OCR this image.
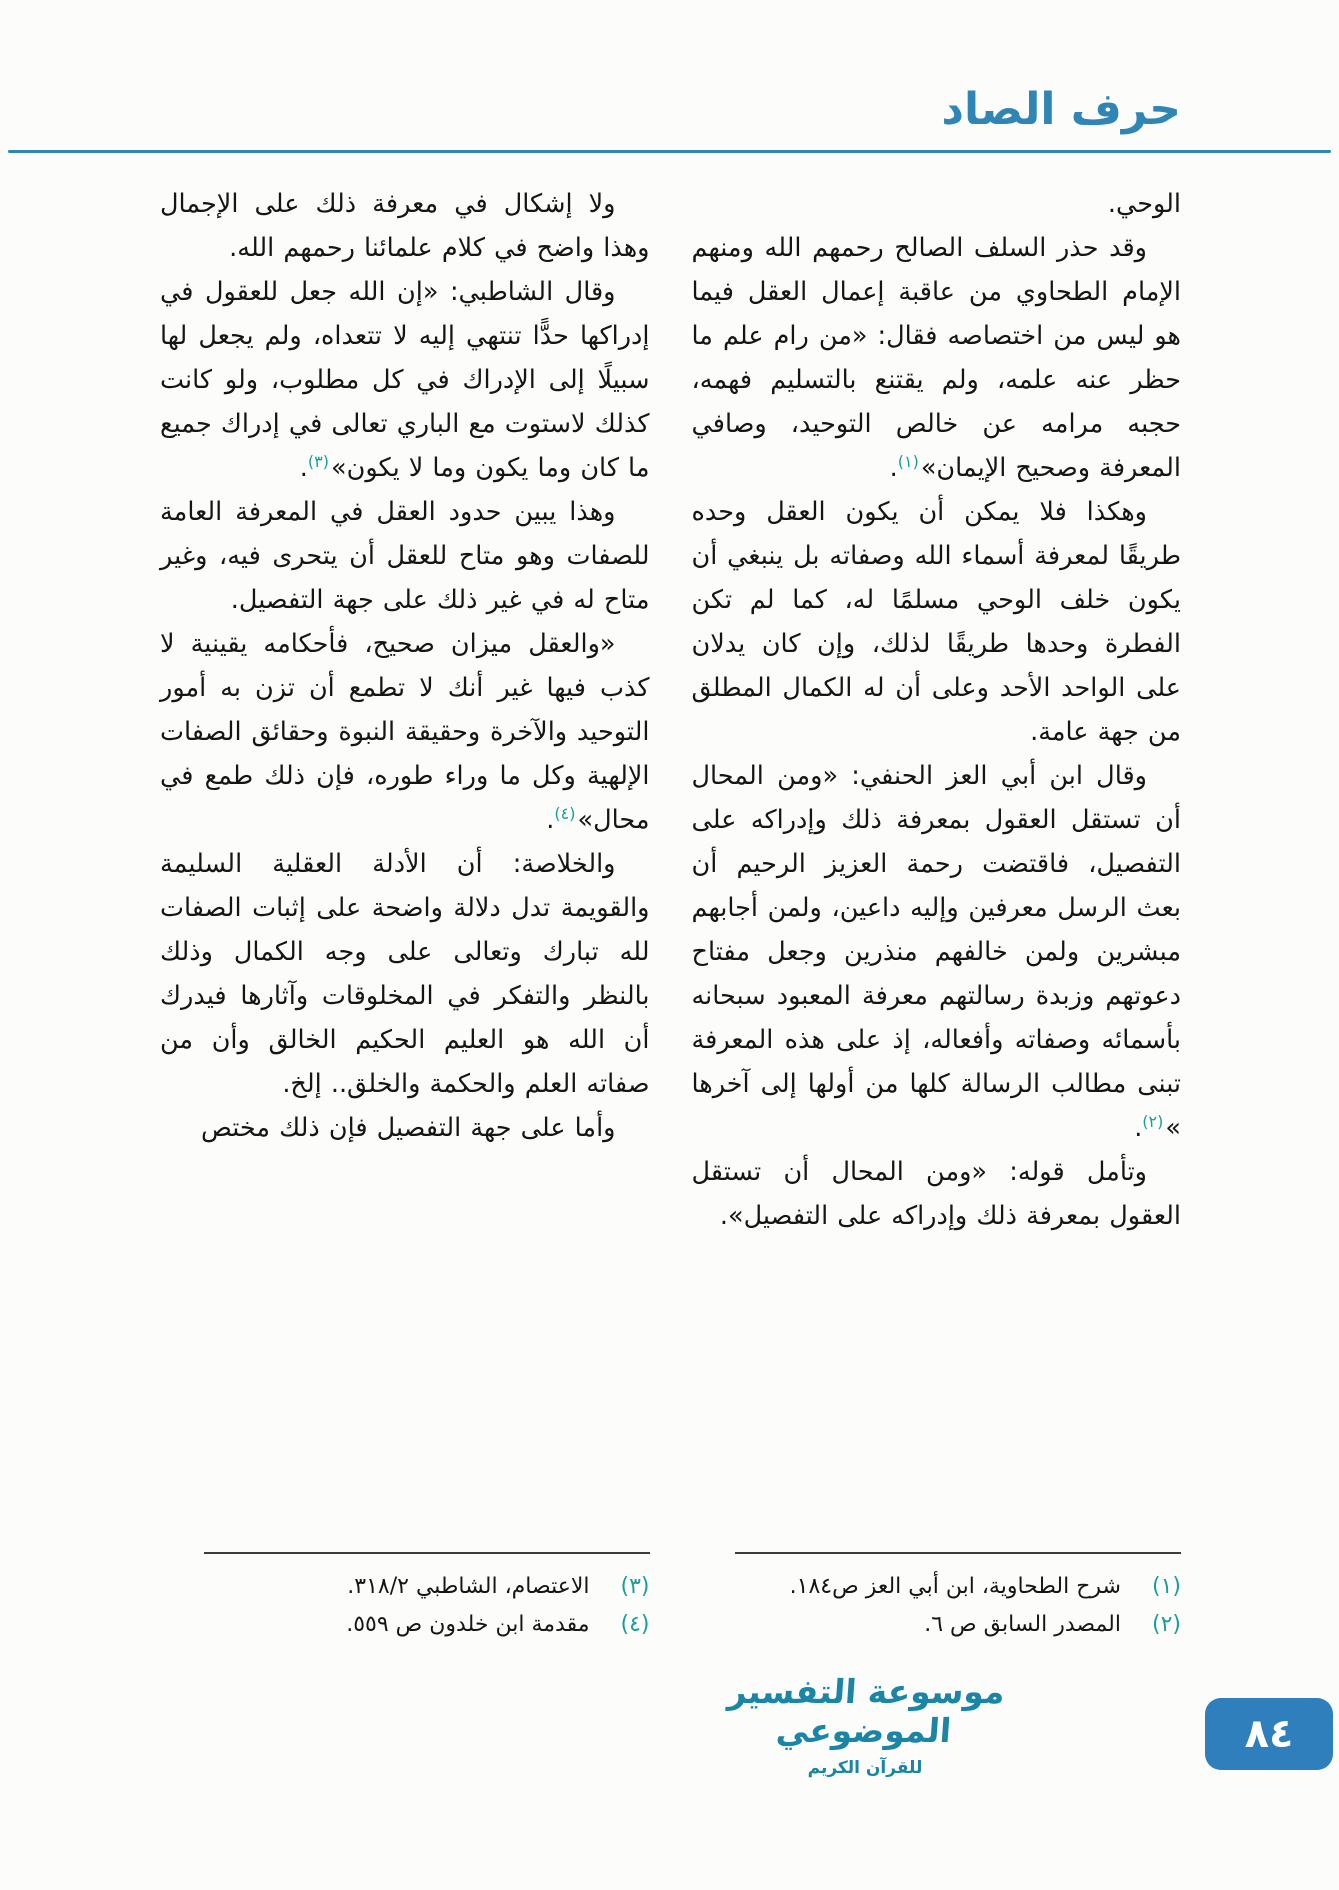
حرف الصاد

الوحي.

وقد حذر السلف الصالح رحمهم الله ومنهم الإمام الطحاوي من عاقبة إعمال العقل فيما هو ليس من اختصاصه فقال: «من رام علم ما حظر عنه علمه، ولم يقتنع بالتسليم فهمه، حجبه مرامه عن خالص التوحيد، وصافي المعرفة وصحيح الإيمان»$^{(١)}$.

وهكذا فلا يمكن أن يكون العقل وحده طريقًا لمعرفة أسماء الله وصفاته بل ينبغي أن يكون خلف الوحي مسلمًا له، كما لم تكن الفطرة وحدها طريقًا لذلك، وإن كان يدلان على الواحد الأحد وعلى أن له الكمال المطلق من جهة عامة.

وقال ابن أبي العز الحنفي: «ومن المحال أن تستقل العقول بمعرفة ذلك وإدراكه على التفصيل، فاقتضت رحمة العزيز الرحيم أن بعث الرسل معرفين وإليه داعين، ولمن أجابهم مبشرين ولمن خالفهم منذرين وجعل مفتاح دعوتهم وزبدة رسالتهم معرفة المعبود سبحانه بأسمائه وصفاته وأفعاله، إذ على هذه المعرفة تبنى مطالب الرسالة كلها من أولها إلى آخرها »$^{(٢)}$.

وتأمل قوله: «ومن المحال أن تستقل العقول بمعرفة ذلك وإدراكه على التفصيل».

ولا إشكال في معرفة ذلك على الإجمال وهذا واضح في كلام علمائنا رحمهم الله.

وقال الشاطبي: «إن الله جعل للعقول في إدراكها حدًّا تنتهي إليه لا تتعداه، ولم يجعل لها سبيلًا إلى الإدراك في كل مطلوب، ولو كانت كذلك لاستوت مع الباري تعالى في إدراك جميع ما كان وما يكون وما لا يكون»$^{(٣)}$.

وهذا يبين حدود العقل في المعرفة العامة للصفات وهو متاح للعقل أن يتحرى فيه، وغير متاح له في غير ذلك على جهة التفصيل.

«والعقل ميزان صحيح، فأحكامه يقينية لا كذب فيها غير أنك لا تطمع أن تزن به أمور التوحيد والآخرة وحقيقة النبوة وحقائق الصفات الإلهية وكل ما وراء طوره، فإن ذلك طمع في محال»$^{(٤)}$.

والخلاصة: أن الأدلة العقلية السليمة والقويمة تدل دلالة واضحة على إثبات الصفات لله تبارك وتعالى على وجه الكمال وذلك بالنظر والتفكر في المخلوقات وآثارها فيدرك أن الله هو العليم الحكيم الخالق وأن من صفاته العلم والحكمة والخلق.. إلخ.

وأما على جهة التفصيل فإن ذلك مختص

(١)
شرح الطحاوية، ابن أبي العز ص١٨٤.
(٢)
المصدر السابق ص ٦.
(٣)
الاعتصام، الشاطبي ٣١٨/٢.
(٤)
مقدمة ابن خلدون ص ٥٥٩.
موسوعة التفسير الموضوعي
للقرآن الكريم
٨٤
